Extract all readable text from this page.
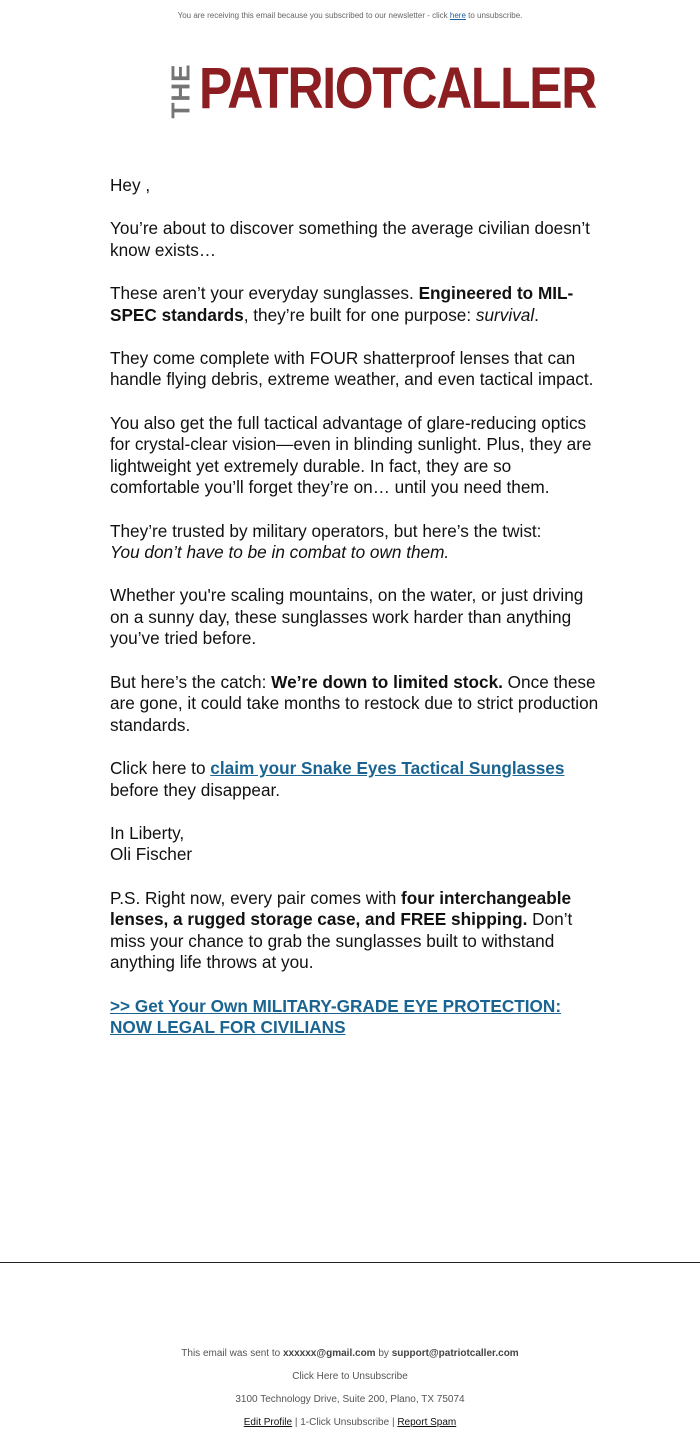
You are receiving this email because you subscribed to our newsletter - click here to unsubscribe.
THE PATRIOTCALLER

Hey ,

You’re about to discover something the average civilian doesn’t know exists…

These aren’t your everyday sunglasses. Engineered to MIL-SPEC standards, they’re built for one purpose: survival.

They come complete with FOUR shatterproof lenses that can handle flying debris, extreme weather, and even tactical impact.

You also get the full tactical advantage of glare-reducing optics for crystal-clear vision—even in blinding sunlight. Plus, they are lightweight yet extremely durable. In fact, they are so comfortable you’ll forget they’re on… until you need them.

They’re trusted by military operators, but here’s the twist:
You don’t have to be in combat to own them.

Whether you're scaling mountains, on the water, or just driving on a sunny day, these sunglasses work harder than anything you’ve tried before.

But here’s the catch: We’re down to limited stock. Once these are gone, it could take months to restock due to strict production standards.

Click here to claim your Snake Eyes Tactical Sunglasses before they disappear.

In Liberty,
Oli Fischer

P.S. Right now, every pair comes with four interchangeable lenses, a rugged storage case, and FREE shipping. Don’t miss your chance to grab the sunglasses built to withstand anything life throws at you.

>> Get Your Own MILITARY-GRADE EYE PROTECTION: NOW LEGAL FOR CIVILIANS

This email was sent to xxxxxx@gmail.com by support@patriotcaller.com
Click Here to Unsubscribe
3100 Technology Drive, Suite 200, Plano, TX 75074
Edit Profile | 1-Click Unsubscribe | Report Spam
